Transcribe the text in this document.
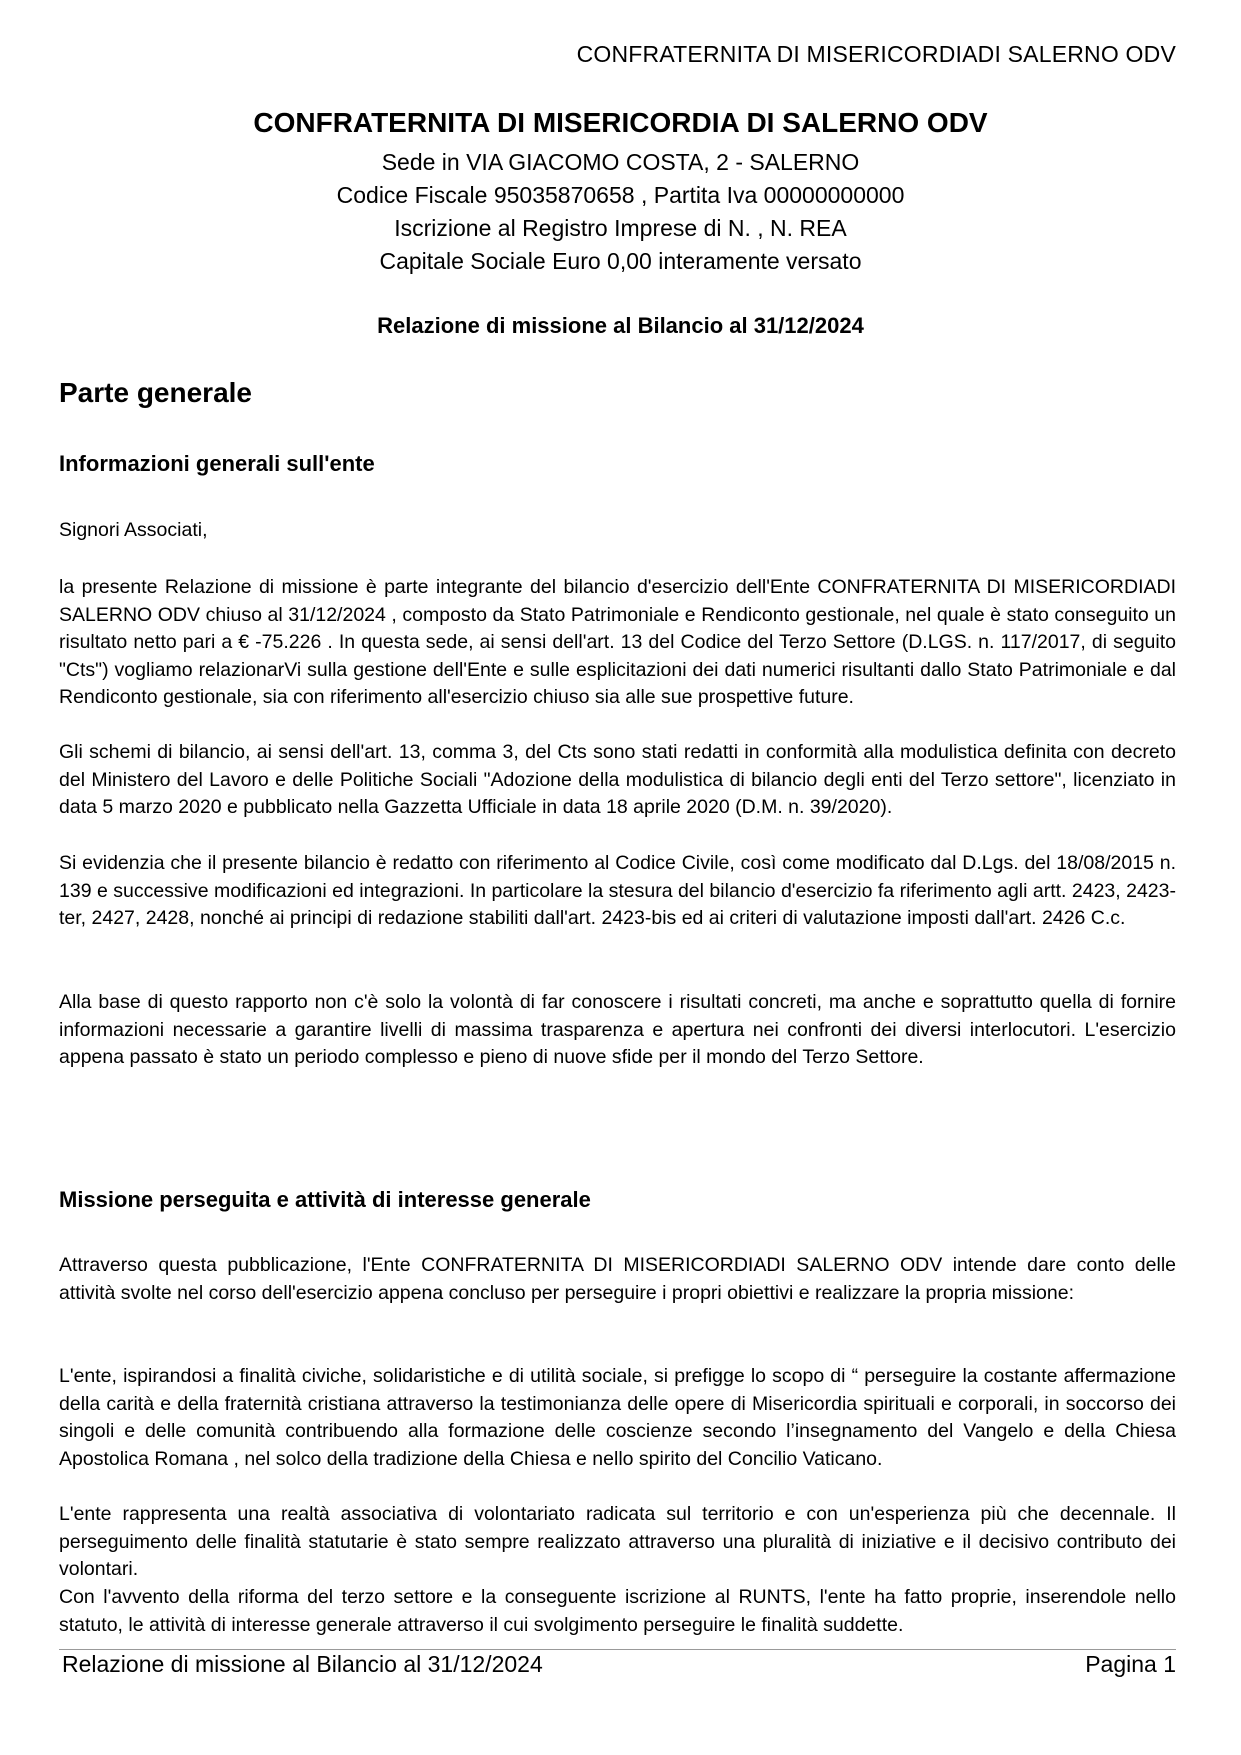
CONFRATERNITA DI MISERICORDIADI SALERNO ODV

CONFRATERNITA DI MISERICORDIA DI SALERNO ODV

Sede in VIA GIACOMO COSTA, 2 - SALERNO

Codice Fiscale 95035870658 , Partita Iva 00000000000

Iscrizione al Registro Imprese di N. , N. REA

Capitale Sociale Euro 0,00 interamente versato

Relazione di missione al Bilancio al 31/12/2024
Parte generale
Informazioni generali sull'ente

Signori Associati,

la presente Relazione di missione è parte integrante del bilancio d'esercizio dell'Ente CONFRATERNITA DI MISERICORDIADI SALERNO ODV chiuso al 31/12/2024 , composto da Stato Patrimoniale e Rendiconto gestionale, nel quale è stato conseguito un risultato netto pari a € -75.226 . In questa sede, ai sensi dell'art. 13 del Codice del Terzo Settore (D.LGS. n. 117/2017, di seguito "Cts") vogliamo relazionarVi sulla gestione dell'Ente e sulle esplicitazioni dei dati numerici risultanti dallo Stato Patrimoniale e dal Rendiconto gestionale, sia con riferimento all'esercizio chiuso sia alle sue prospettive future.

Gli schemi di bilancio, ai sensi dell'art. 13, comma 3, del Cts sono stati redatti in conformità alla modulistica definita con decreto del Ministero del Lavoro e delle Politiche Sociali "Adozione della modulistica di bilancio degli enti del Terzo settore", licenziato in data 5 marzo 2020 e pubblicato nella Gazzetta Ufficiale in data 18 aprile 2020 (D.M. n. 39/2020).

Si evidenzia che il presente bilancio è redatto con riferimento al Codice Civile, così come modificato dal D.Lgs. del 18/08/2015 n. 139 e successive modificazioni ed integrazioni. In particolare la stesura del bilancio d'esercizio fa riferimento agli artt. 2423, 2423-ter, 2427, 2428, nonché ai principi di redazione stabiliti dall'art. 2423-bis ed ai criteri di valutazione imposti dall'art. 2426 C.c.

Alla base di questo rapporto non c'è solo la volontà di far conoscere i risultati concreti, ma anche e soprattutto quella di fornire informazioni necessarie a garantire livelli di massima trasparenza e apertura nei confronti dei diversi interlocutori. L'esercizio appena passato è stato un periodo complesso e pieno di nuove sfide per il mondo del Terzo Settore.

Missione perseguita e attività di interesse generale

Attraverso questa pubblicazione, l'Ente CONFRATERNITA DI MISERICORDIADI SALERNO ODV intende dare conto delle attività svolte nel corso dell'esercizio appena concluso per perseguire i propri obiettivi e realizzare la propria missione:

L'ente, ispirandosi a finalità civiche, solidaristiche e di utilità sociale, si prefigge lo scopo di “ perseguire la costante affermazione della carità e della fraternità cristiana attraverso la testimonianza delle opere di Misericordia spirituali e corporali, in soccorso dei singoli e delle comunità contribuendo alla formazione delle coscienze secondo l’insegnamento del Vangelo e della Chiesa Apostolica Romana , nel solco della tradizione della Chiesa e nello spirito del Concilio Vaticano.

L'ente rappresenta una realtà associativa di volontariato radicata sul territorio e con un'esperienza più che decennale. Il perseguimento delle finalità statutarie è stato sempre realizzato attraverso una pluralità di iniziative e il decisivo contributo dei volontari.

Con l'avvento della riforma del terzo settore e la conseguente iscrizione al RUNTS, l'ente ha fatto proprie, inserendole nello statuto, le attività di interesse generale attraverso il cui svolgimento perseguire le finalità suddette.

Relazione di missione al Bilancio al 31/12/2024	Pagina 1
